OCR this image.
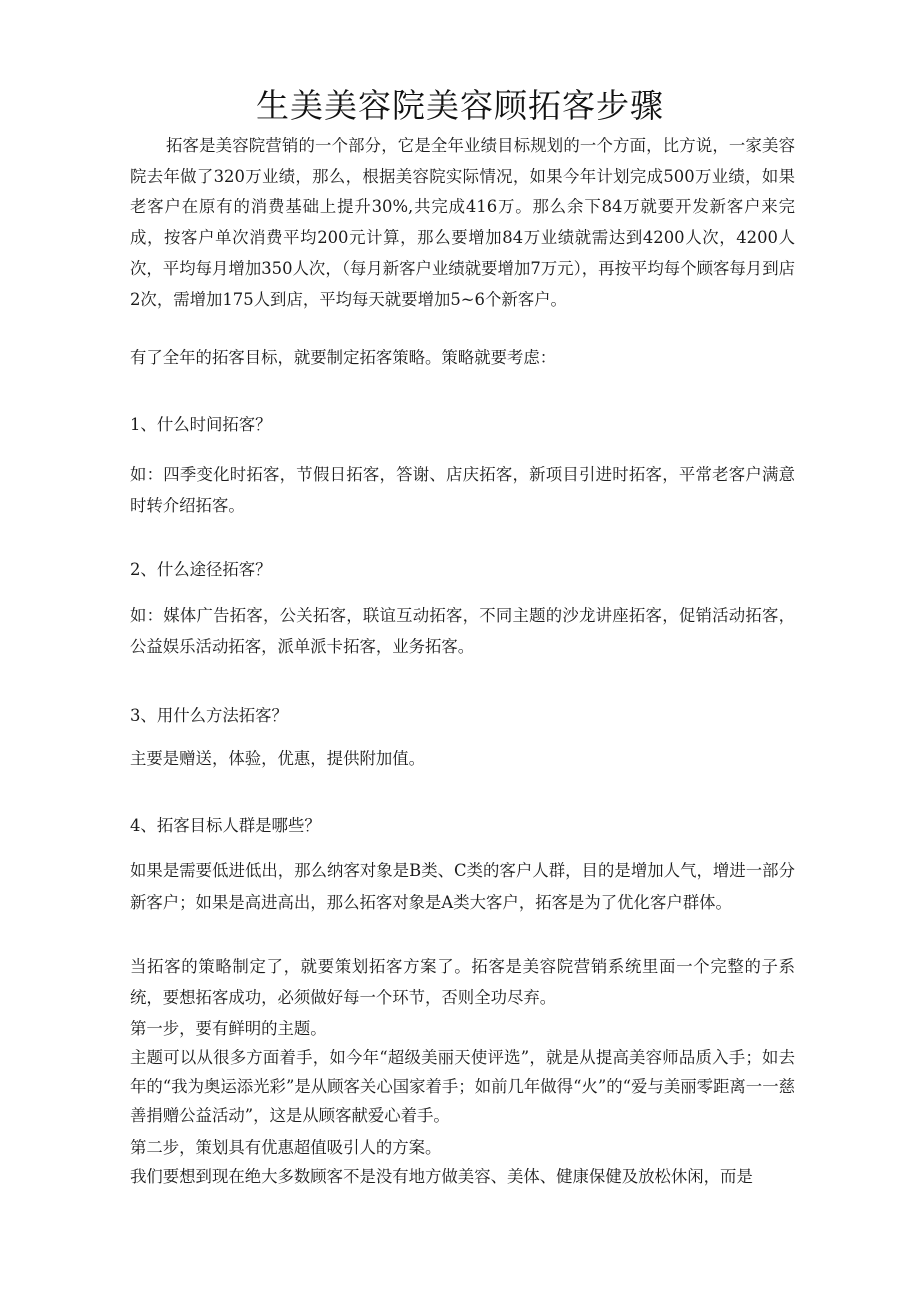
生美美容院美容顾拓客步骤

拓客是美容院营销的一个部分，它是全年业绩目标规划的一个方面，比方说，一家美容院去年做了320万业绩，那么，根据美容院实际情况，如果今年计划完成500万业绩，如果老客户在原有的消费基础上提升30%,共完成416万。那么余下84万就要开发新客户来完成，按客户单次消费平均200元计算，那么要增加84万业绩就需达到4200人次，4200人次，平均每月增加350人次，（每月新客户业绩就要增加7万元），再按平均每个顾客每月到店2次，需增加175人到店，平均每天就要增加5~6个新客户。

有了全年的拓客目标，就要制定拓客策略。策略就要考虑：

1、什么时间拓客？

如：四季变化时拓客，节假日拓客，答谢、店庆拓客，新项目引进时拓客，平常老客户满意时转介绍拓客。

2、什么途径拓客？

如：媒体广告拓客，公关拓客，联谊互动拓客，不同主题的沙龙讲座拓客，促销活动拓客，公益娱乐活动拓客，派单派卡拓客，业务拓客。

3、用什么方法拓客？

主要是赠送，体验，优惠，提供附加值。

4、拓客目标人群是哪些？

如果是需要低进低出，那么纳客对象是B类、C类的客户人群，目的是增加人气，增进一部分新客户；如果是高进高出，那么拓客对象是A类大客户，拓客是为了优化客户群体。

当拓客的策略制定了，就要策划拓客方案了。拓客是美容院营销系统里面一个完整的子系统，要想拓客成功，必须做好每一个环节，否则全功尽弃。

第一步，要有鲜明的主题。

主题可以从很多方面着手，如今年“超级美丽天使评选”，就是从提高美容师品质入手；如去年的“我为奥运添光彩”是从顾客关心国家着手；如前几年做得“火”的“爱与美丽零距离一一慈善捐赠公益活动”，这是从顾客献爱心着手。

第二步，策划具有优惠超值吸引人的方案。

我们要想到现在绝大多数顾客不是没有地方做美容、美体、健康保健及放松休闲，而是
